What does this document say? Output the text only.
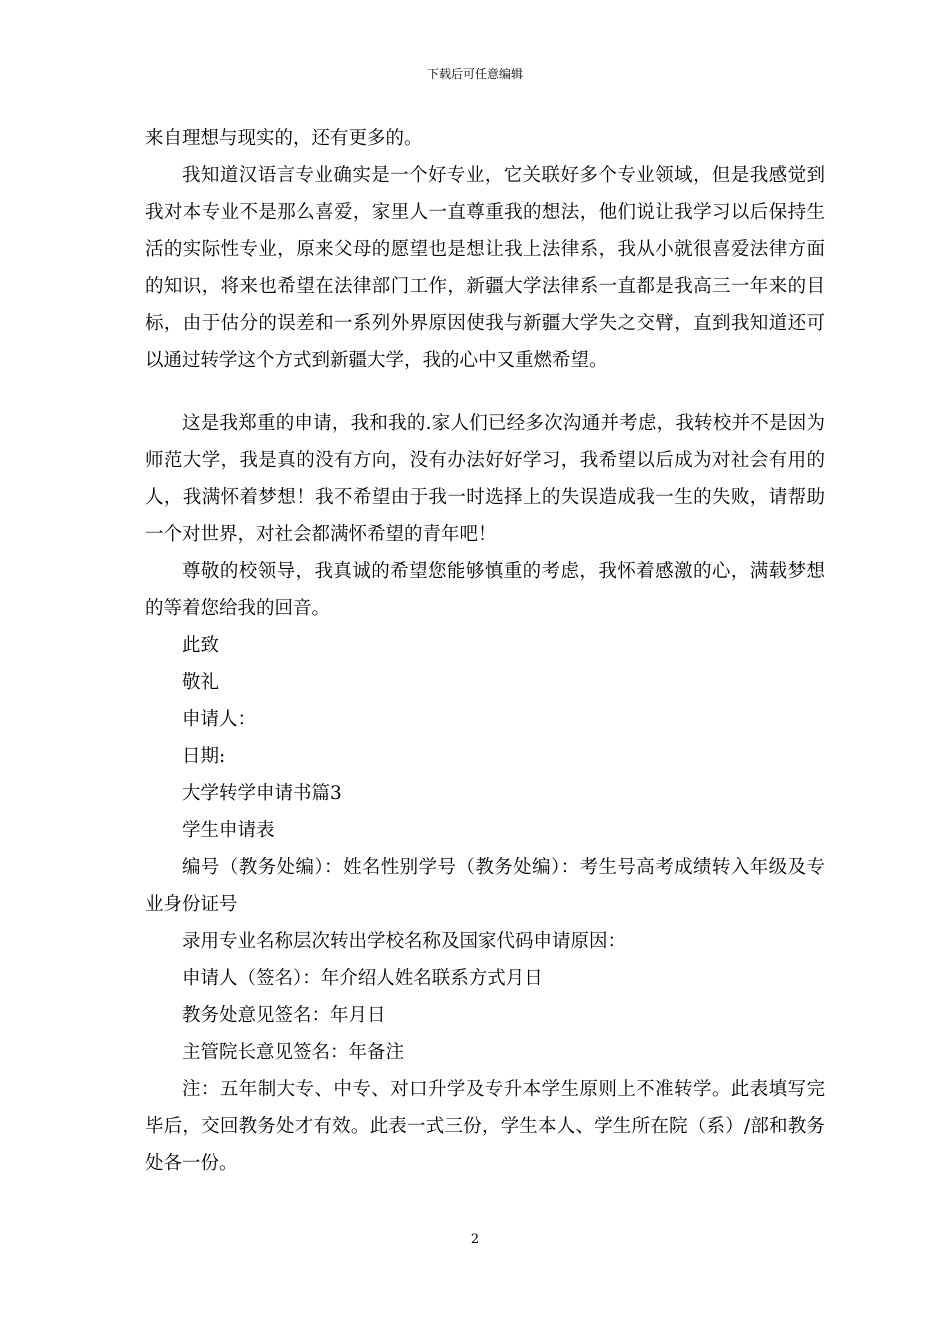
下载后可任意编辑

来自理想与现实的，还有更多的。

我知道汉语言专业确实是一个好专业，它关联好多个专业领域，但是我感觉到我对本专业不是那么喜爱，家里人一直尊重我的想法，他们说让我学习以后保持生活的实际性专业，原来父母的愿望也是想让我上法律系，我从小就很喜爱法律方面的知识，将来也希望在法律部门工作，新疆大学法律系一直都是我高三一年来的目标，由于估分的误差和一系列外界原因使我与新疆大学失之交臂，直到我知道还可以通过转学这个方式到新疆大学，我的心中又重燃希望。

这是我郑重的申请，我和我的.家人们已经多次沟通并考虑，我转校并不是因为师范大学，我是真的没有方向，没有办法好好学习，我希望以后成为对社会有用的人，我满怀着梦想！我不希望由于我一时选择上的失误造成我一生的失败，请帮助一个对世界，对社会都满怀希望的青年吧！

尊敬的校领导，我真诚的希望您能够慎重的考虑，我怀着感激的心，满载梦想的等着您给我的回音。

此致

敬礼

申请人：

日期:

大学转学申请书篇3

学生申请表

编号（教务处编）：姓名性别学号（教务处编）：考生号高考成绩转入年级及专业身份证号

录用专业名称层次转出学校名称及国家代码申请原因：

申请人（签名）：年介绍人姓名联系方式月日

教务处意见签名：年月日

主管院长意见签名：年备注

注：五年制大专、中专、对口升学及专升本学生原则上不准转学。此表填写完毕后，交回教务处才有效。此表一式三份，学生本人、学生所在院（系）/部和教务处各一份。

2
